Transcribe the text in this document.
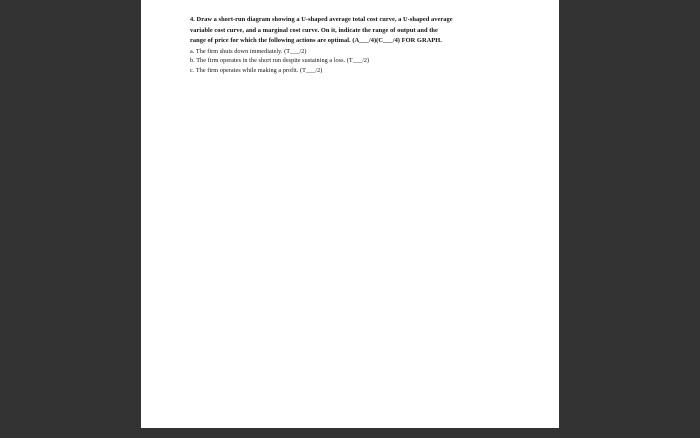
4. Draw a short-run diagram showing a U-shaped average total cost curve, a U-shaped average
variable cost curve, and a marginal cost curve. On it, indicate the range of output and the
range of price for which the following actions are optimal. (A___/4)(C___/4) FOR GRAPH.
a. The firm shuts down immediately. (T___/2)
b. The firm operates in the short run despite sustaining a loss. (T___/2)
c. The firm operates while making a profit. (T___/2)
